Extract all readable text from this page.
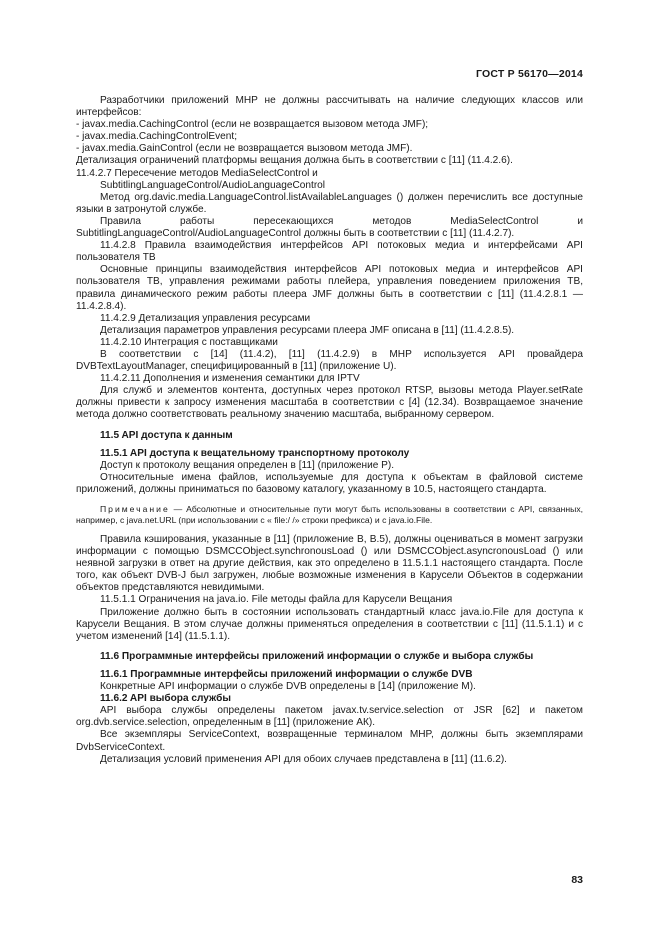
ГОСТ Р 56170—2014

Разработчики приложений MHP не должны рассчитывать на наличие следующих классов или интерфейсов:

- javax.media.CachingControl (если не возвращается вызовом метода JMF);

- javax.media.CachingControlEvent;

- javax.media.GainControl (если не возвращается вызовом метода JMF).

Детализация ограничений платформы вещания должна быть в соответствии с [11] (11.4.2.6).

11.4.2.7 Пересечение методов MediaSelectControl и

SubtitlingLanguageControl/AudioLanguageControl

Метод org.davic.media.LanguageControl.listAvailableLanguages () должен перечислить все доступные языки в затронутой службе.

Правила работы пересекающихся методов MediaSelectControl и SubtitlingLanguageControl/AudioLanguageControl должны быть в соответствии с [11] (11.4.2.7).

11.4.2.8 Правила взаимодействия интерфейсов API потоковых медиа и интерфейсами API пользователя ТВ

Основные принципы взаимодействия интерфейсов API потоковых медиа и интерфейсов API пользователя ТВ, управления режимами работы плейера, управления поведением приложения ТВ, правила динамического режим работы плеера JMF должны быть в соответствии с [11] (11.4.2.8.1 — 11.4.2.8.4).

11.4.2.9 Детализация управления ресурсами

Детализация параметров управления ресурсами плеера JMF описана в [11] (11.4.2.8.5).

11.4.2.10 Интеграция с поставщиками

В соответствии с [14] (11.4.2), [11] (11.4.2.9) в MHP используется API провайдера DVBTextLayoutManager, специфицированный в [11] (приложение U).

11.4.2.11 Дополнения и изменения семантики для IPTV

Для служб и элементов контента, доступных через протокол RTSP, вызовы метода Player.setRate должны привести к запросу изменения масштаба в соответствии с [4] (12.34). Возвращаемое значение метода должно соответствовать реальному значению масштаба, выбранному сервером.

11.5 API доступа к данным

11.5.1 API доступа к вещательному транспортному протоколу

Доступ к протоколу вещания определен в [11] (приложение P).

Относительные имена файлов, используемые для доступа к объектам в файловой системе приложений, должны приниматься по базовому каталогу, указанному в 10.5, настоящего стандарта.

Примечание — Абсолютные и относительные пути могут быть использованы в соответствии с API, связанных, например, с java.net.URL (при использовании с « file:/ /» строки префикса) и с java.io.File.

Правила кэширования, указанные в [11] (приложение B, B.5), должны оцениваться в момент загрузки информации с помощью DSMCCObject.synchronousLoad () или DSMCCObject.asyncronousLoad () или неявной загрузки в ответ на другие действия, как это определено в 11.5.1.1 настоящего стандарта. После того, как объект DVB-J был загружен, любые возможные изменения в Карусели Объектов в содержании объектов представляются невидимыми.

11.5.1.1 Ограничения на java.io. File методы файла для Карусели Вещания

Приложение должно быть в состоянии использовать стандартный класс java.io.File для доступа к Карусели Вещания. В этом случае должны применяться определения в соответствии с [11] (11.5.1.1) и с учетом изменений [14] (11.5.1.1).

11.6 Программные интерфейсы приложений информации о службе и выбора службы

11.6.1 Программные интерфейсы приложений информации о службе DVB

Конкретные API информации о службе DVB определены в [14] (приложение М).

11.6.2 API выбора службы

API выбора службы определены пакетом javax.tv.service.selection от JSR [62] и пакетом org.dvb.service.selection, определенным в [11] (приложение АК).

Все экземпляры ServiceContext, возвращенные терминалом MHP, должны быть экземплярами DvbServiceContext.

Детализация условий применения API для обоих случаев представлена в [11] (11.6.2).

83
